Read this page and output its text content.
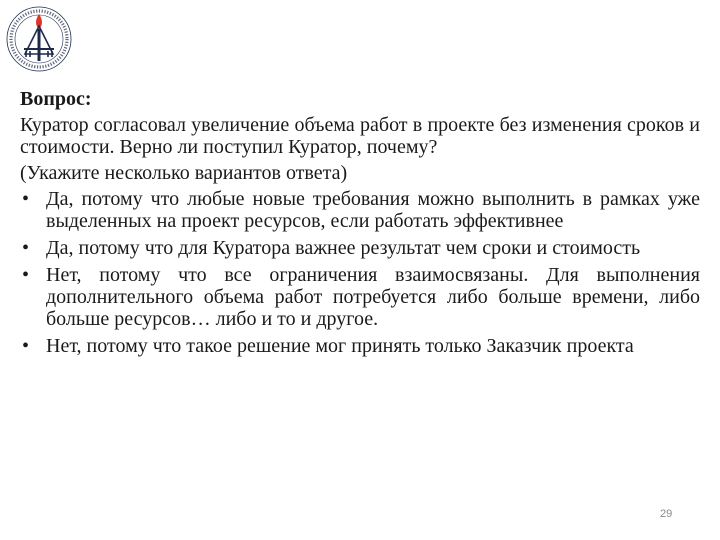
Вопрос:
Куратор согласовал увеличение объема работ в проекте без изменения сроков и стоимости. Верно ли поступил Куратор, почему?
(Укажите несколько вариантов ответа)
• Да, потому что любые новые требования можно выполнить в рамках уже выделенных на проект ресурсов, если работать эффективнее
• Да, потому что для Куратора важнее результат чем сроки и стоимость
• Нет, потому что все ограничения взаимосвязаны. Для выполнения дополнительного объема работ потребуется либо больше времени, либо больше ресурсов… либо и то и другое.
• Нет, потому что такое решение мог принять только Заказчик проекта
29
